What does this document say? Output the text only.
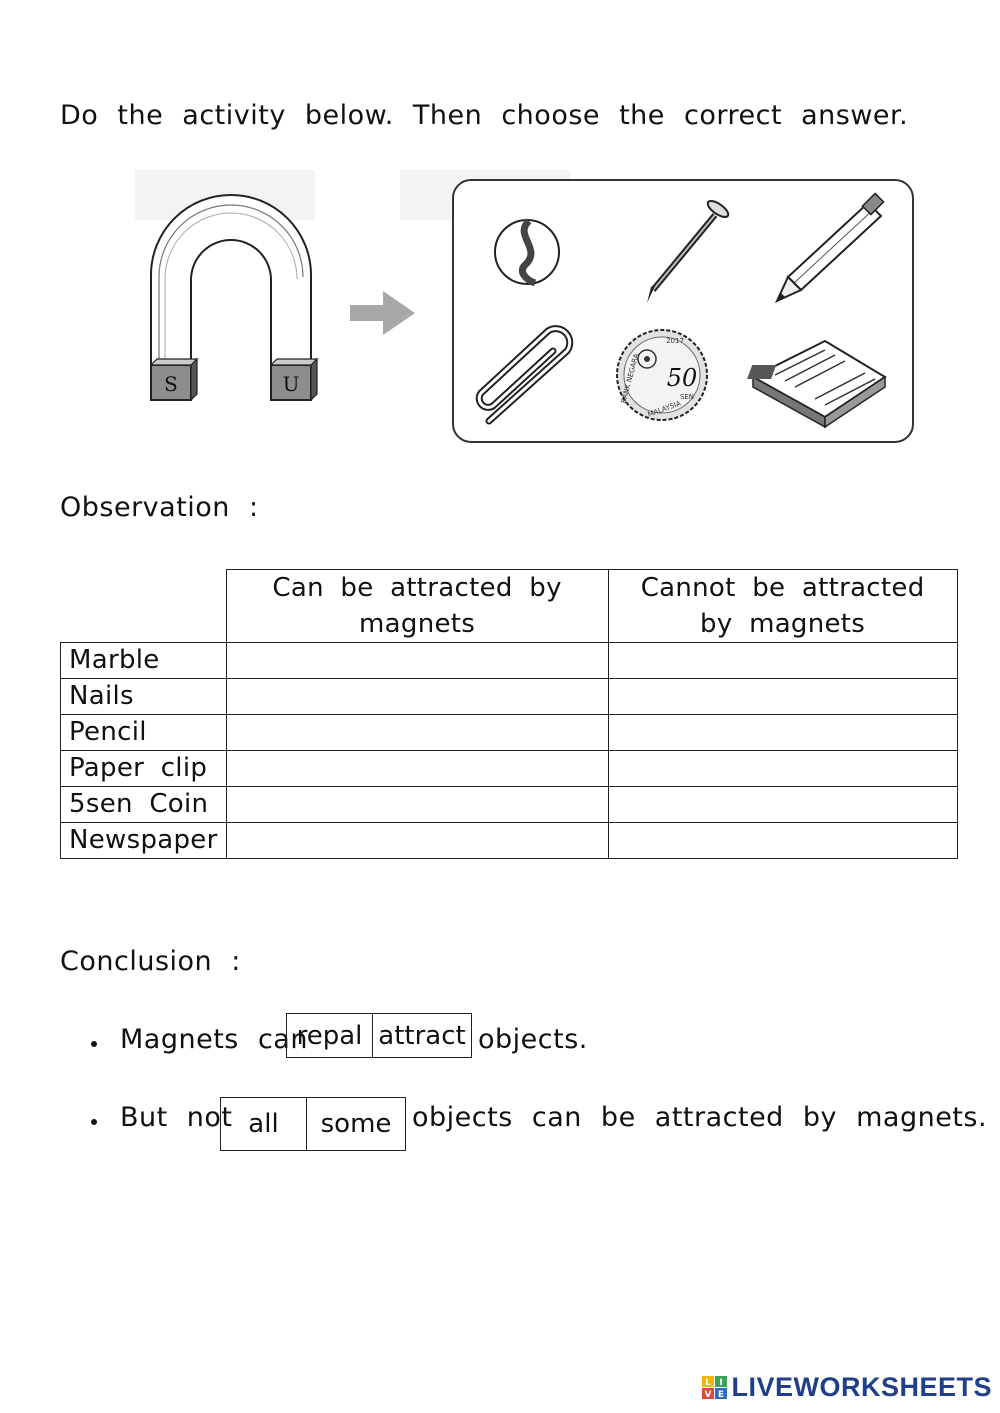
Do the activity below. Then choose the correct answer.
S	U
2017
50
SEN
BANK NEGARA
MALAYSIA
Observation :
	Can be attracted by magnets	Cannot be attracted by magnets
Marble		
Nails		
Pencil		
Paper clip		
5sen Coin		
Newspaper		
Conclusion :
Magnets can
repal attract objects.
But not all	some objects can be attracted by magnets.
L I
V E LIVEWORKSHEETS
